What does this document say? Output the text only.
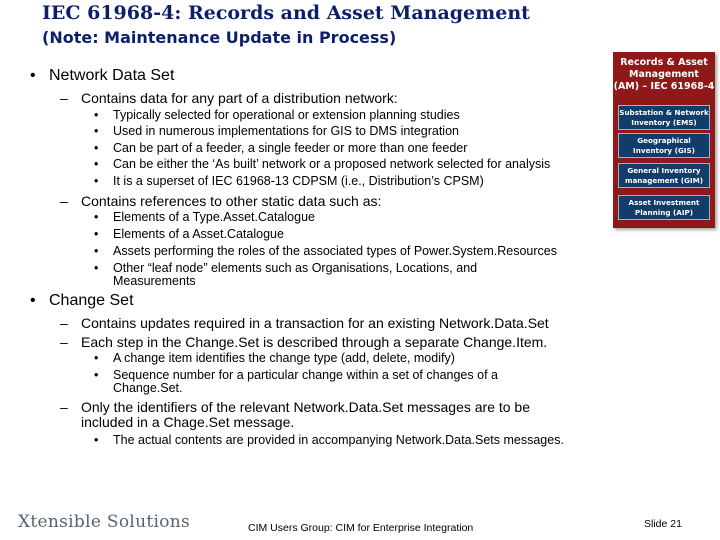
IEC 61968-4: Records and Asset Management
(Note: Maintenance Update in Process)
• Network Data Set
– Contains data for any part of a distribution network:
• Typically selected for operational or extension planning studies
• Used in numerous implementations for GIS to DMS integration
• Can be part of a feeder, a single feeder or more than one feeder
• Can be either the ‘As built’ network or a proposed network selected for analysis
• It is a superset of IEC 61968-13 CDPSM (i.e., Distribution’s CPSM)
– Contains references to other static data such as:
• Elements of a Type.Asset.Catalogue
• Elements of a Asset.Catalogue
• Assets performing the roles of the associated types of Power.System.Resources
• Other “leaf node” elements such as Organisations, Locations, and
Measurements
• Change Set
– Contains updates required in a transaction for an existing Network.Data.Set
– Each step in the Change.Set is described through a separate Change.Item.
• A change item identifies the change type (add, delete, modify)
• Sequence number for a particular change within a set of changes of a
Change.Set.
– Only the identifiers of the relevant Network.Data.Set messages are to be
included in a Chage.Set message.
• The actual contents are provided in accompanying Network.Data.Sets messages.
Records & Asset
Management
(AM) – IEC 61968-4
Substation & Network
Inventory (EMS)
Geographical
Inventory (GIS)
General Inventory
management (GIM)
Asset Investment
Planning (AIP)
Xtensible Solutions	CIM Users Group: CIM for Enterprise Integration	Slide 21
